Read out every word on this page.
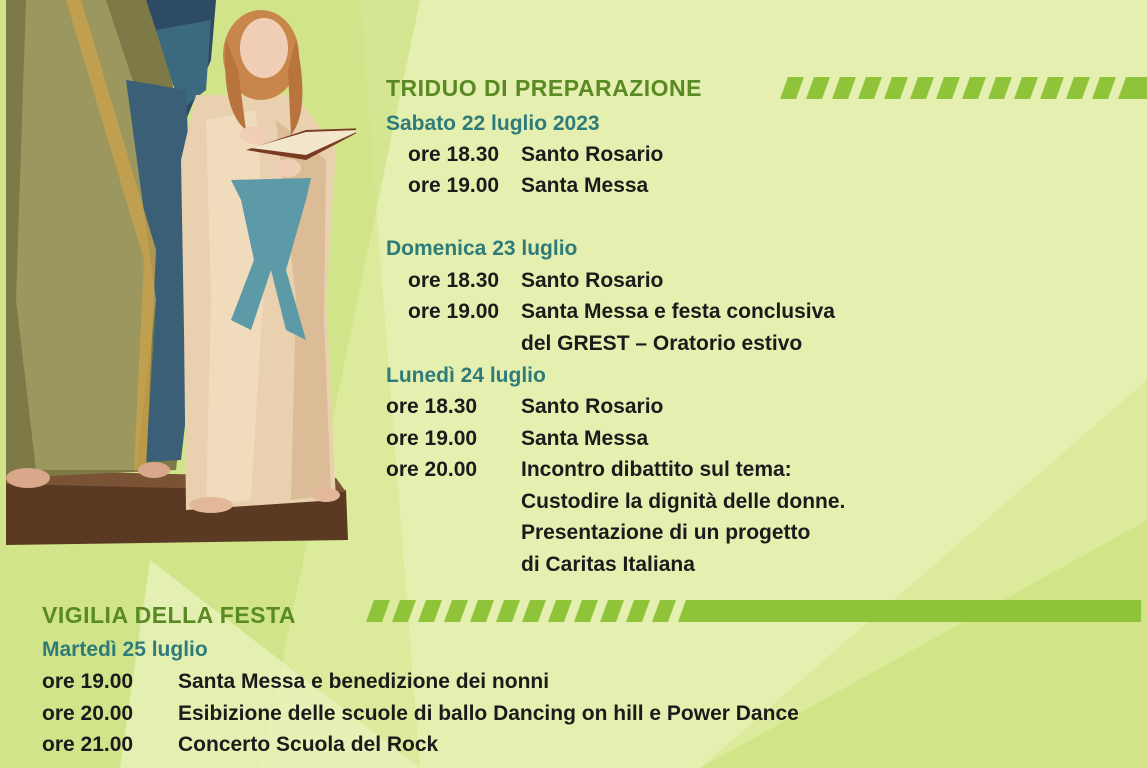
TRIDUO DI PREPARAZIONE
Sabato 22 luglio 2023
ore 18.30 Santo Rosario
ore 19.00 Santa Messa
Domenica 23 luglio
ore 18.30 Santo Rosario
ore 19.00 Santa Messa e festa conclusiva
del GREST – Oratorio estivo
Lunedì 24 luglio
ore 18.30 Santo Rosario
ore 19.00 Santa Messa
ore 20.00 Incontro dibattito sul tema:
Custodire la dignità delle donne.
Presentazione di un progetto
di Caritas Italiana
VIGILIA DELLA FESTA
Martedì 25 luglio
ore 19.00 Santa Messa e benedizione dei nonni
ore 20.00 Esibizione delle scuole di ballo Dancing on hill e Power Dance
ore 21.00 Concerto Scuola del Rock
